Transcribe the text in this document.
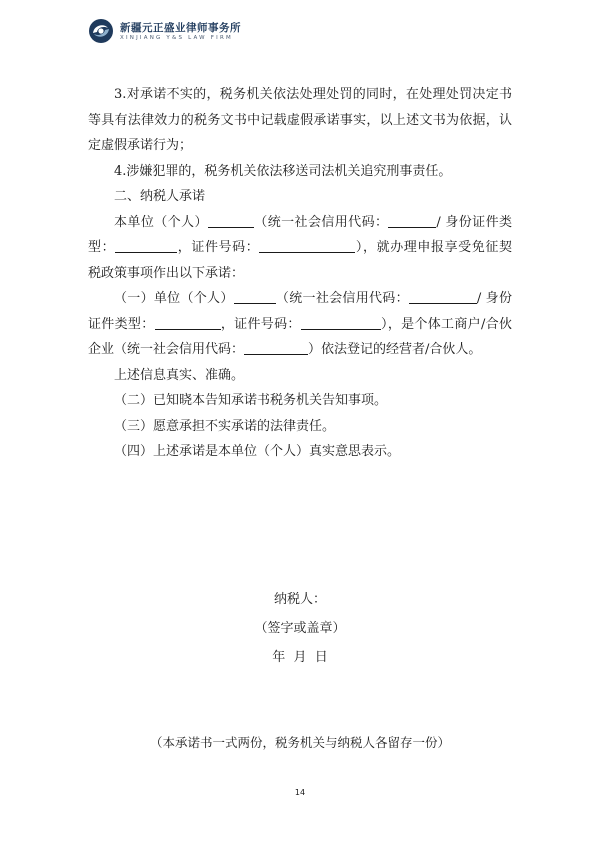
新疆元正盛业律师事务所
XINJIANG Y&S LAW FIRM

3.对承诺不实的，税务机关依法处理处罚的同时，在处理处罚决定书等具有法律效力的税务文书中记载虚假承诺事实，以上述文书为依据，认定虚假承诺行为；

4.涉嫌犯罪的，税务机关依法移送司法机关追究刑事责任。

二、纳税人承诺

本单位（个人）	（统一社会信用代码：	/ 身份证件类型：	，证件号码：	），就办理申报享受免征契税政策事项作出以下承诺：

（一）单位（个人）	（统一社会信用代码：	/ 身份证件类型：	，证件号码：	），是个体工商户/合伙企业（统一社会信用代码：	）依法登记的经营者/合伙人。

上述信息真实、准确。

（二）已知晓本告知承诺书税务机关告知事项。

（三）愿意承担不实承诺的法律责任。

（四）上述承诺是本单位（个人）真实意思表示。

纳税人：
（签字或盖章）
年  月  日
（本承诺书一式两份，税务机关与纳税人各留存一份）
14
